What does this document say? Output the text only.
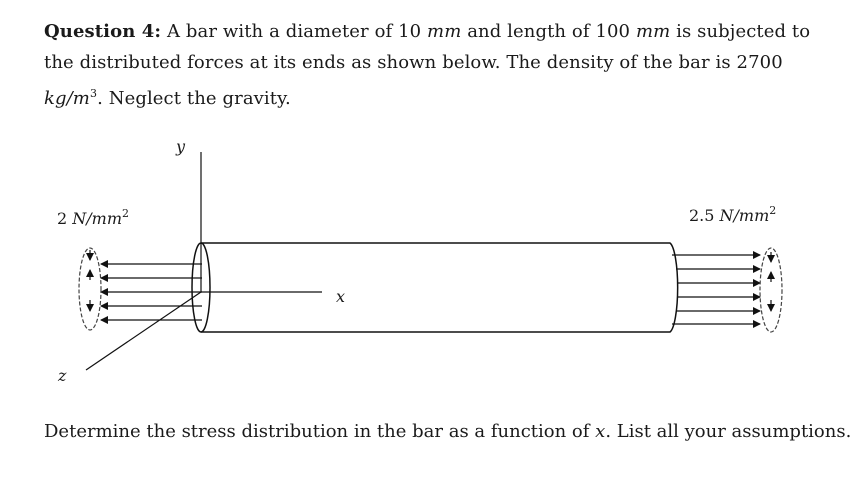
Question 4: A bar with a diameter of 10 mm and length of 100 mm is subjected to the distributed forces at its ends as shown below. The density of the bar is 2700 $kg/m^3$. Neglect the gravity.
y
x
z
2 $N/mm^2$	2.5 $N/mm^2$
Determine the stress distribution in the bar as a function of x. List all your assumptions.
